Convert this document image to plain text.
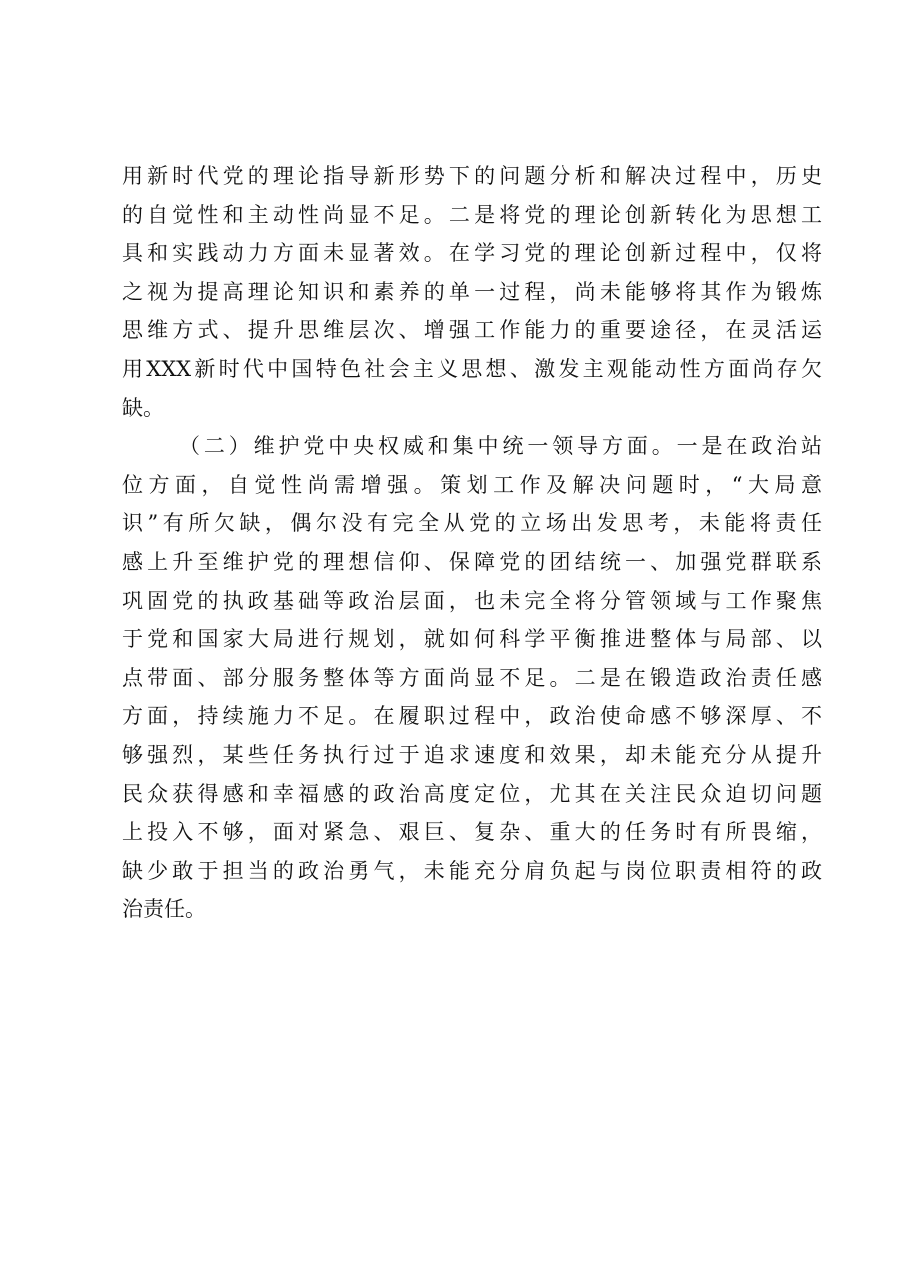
用新时代党的理论指导新形势下的问题分析和解决过程中，历史
的自觉性和主动性尚显不足。二是将党的理论创新转化为思想工
具和实践动力方面未显著效。在学习党的理论创新过程中，仅将
之视为提高理论知识和素养的单一过程，尚未能够将其作为锻炼
思维方式、提升思维层次、增强工作能力的重要途径，在灵活运
用XXX新时代中国特色社会主义思想、激发主观能动性方面尚存欠
缺。
（二）维护党中央权威和集中统一领导方面。一是在政治站
位方面，自觉性尚需增强。策划工作及解决问题时，“大局意
识”有所欠缺，偶尔没有完全从党的立场出发思考，未能将责任
感上升至维护党的理想信仰、保障党的团结统一、加强党群联系
巩固党的执政基础等政治层面，也未完全将分管领域与工作聚焦
于党和国家大局进行规划，就如何科学平衡推进整体与局部、以
点带面、部分服务整体等方面尚显不足。二是在锻造政治责任感
方面，持续施力不足。在履职过程中，政治使命感不够深厚、不
够强烈，某些任务执行过于追求速度和效果，却未能充分从提升
民众获得感和幸福感的政治高度定位，尤其在关注民众迫切问题
上投入不够，面对紧急、艰巨、复杂、重大的任务时有所畏缩，
缺少敢于担当的政治勇气，未能充分肩负起与岗位职责相符的政
治责任。
